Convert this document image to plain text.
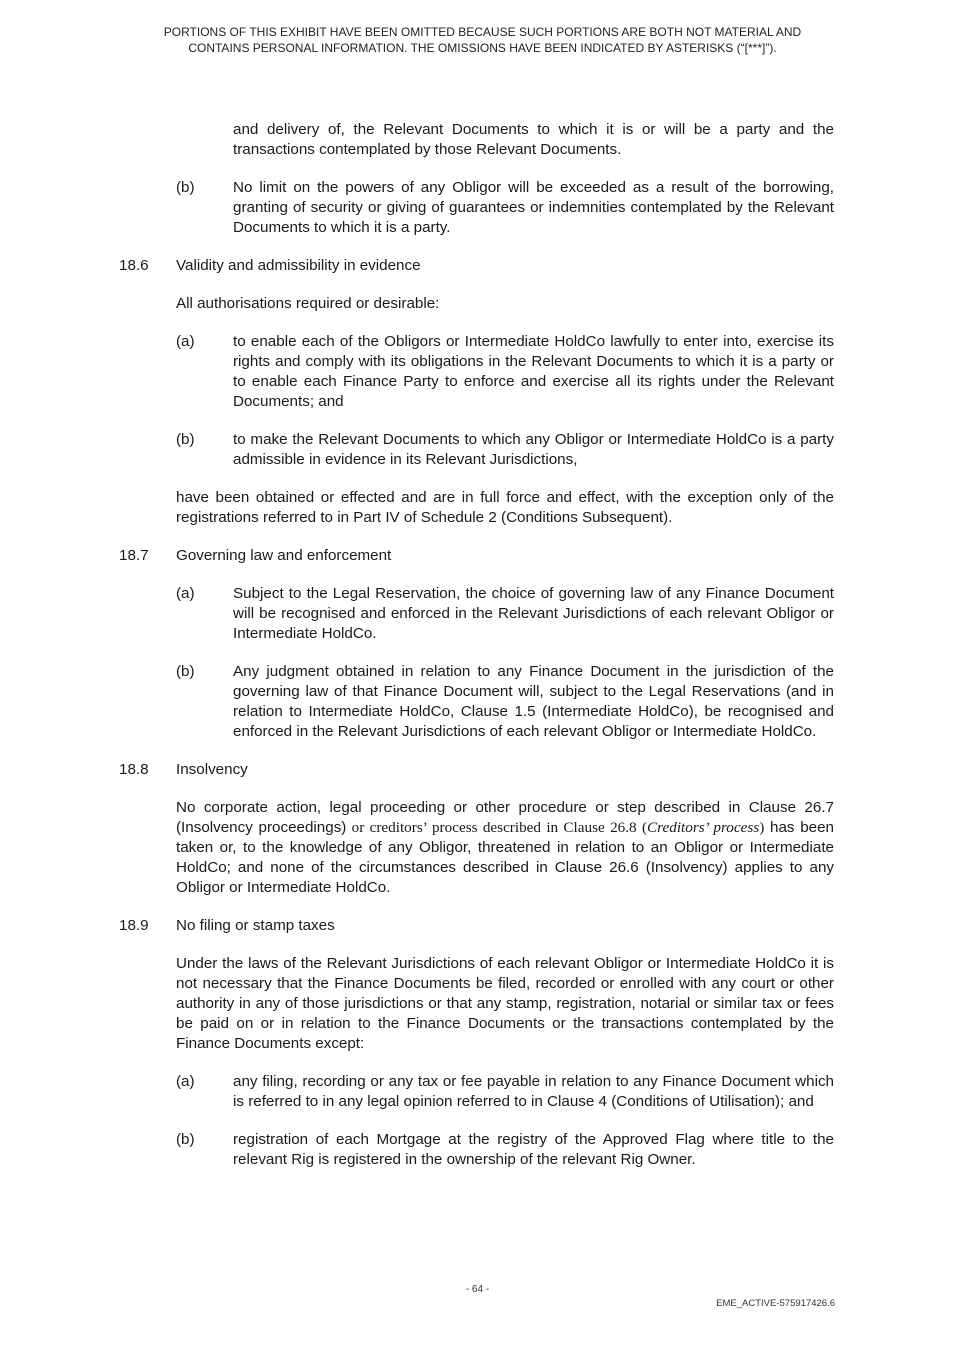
PORTIONS OF THIS EXHIBIT HAVE BEEN OMITTED BECAUSE SUCH PORTIONS ARE BOTH NOT MATERIAL AND
CONTAINS PERSONAL INFORMATION. THE OMISSIONS HAVE BEEN INDICATED BY ASTERISKS (“[***]”).

and delivery of, the Relevant Documents to which it is or will be a party and the transactions contemplated by those Relevant Documents.

(b)	No limit on the powers of any Obligor will be exceeded as a result of the borrowing, granting of security or giving of guarantees or indemnities contemplated by the Relevant Documents to which it is a party.

18.6 Validity and admissibility in evidence

All authorisations required or desirable:

(a)	to enable each of the Obligors or Intermediate HoldCo lawfully to enter into, exercise its rights and comply with its obligations in the Relevant Documents to which it is a party or to enable each Finance Party to enforce and exercise all its rights under the Relevant Documents; and

(b)	to make the Relevant Documents to which any Obligor or Intermediate HoldCo is a party admissible in evidence in its Relevant Jurisdictions,

have been obtained or effected and are in full force and effect, with the exception only of the registrations referred to in Part IV of Schedule 2 (Conditions Subsequent).

18.7 Governing law and enforcement
(a)	Subject to the Legal Reservation, the choice of governing law of any Finance Document will be recognised and enforced in the Relevant Jurisdictions of each relevant Obligor or Intermediate HoldCo.

(b)	Any judgment obtained in relation to any Finance Document in the jurisdiction of the governing law of that Finance Document will, subject to the Legal Reservations (and in relation to Intermediate HoldCo, Clause 1.5 (Intermediate HoldCo), be recognised and enforced in the Relevant Jurisdictions of each relevant Obligor or Intermediate HoldCo.

18.8 Insolvency

No corporate action, legal proceeding or other procedure or step described in Clause 26.7 (Insolvency proceedings) or creditors’ process described in Clause 26.8 (Creditors’ process) has been taken or, to the knowledge of any Obligor, threatened in relation to an Obligor or Intermediate HoldCo; and none of the circumstances described in Clause 26.6 (Insolvency) applies to any Obligor or Intermediate HoldCo.

18.9 No filing or stamp taxes

Under the laws of the Relevant Jurisdictions of each relevant Obligor or Intermediate HoldCo it is not necessary that the Finance Documents be filed, recorded or enrolled with any court or other authority in any of those jurisdictions or that any stamp, registration, notarial or similar tax or fees be paid on or in relation to the Finance Documents or the transactions contemplated by the Finance Documents except:

(a)	any filing, recording or any tax or fee payable in relation to any Finance Document which is referred to in any legal opinion referred to in Clause 4 (Conditions of Utilisation); and

(b)	registration of each Mortgage at the registry of the Approved Flag where title to the relevant Rig is registered in the ownership of the relevant Rig Owner.

- 64 -
EME_ACTIVE-575917426.6
